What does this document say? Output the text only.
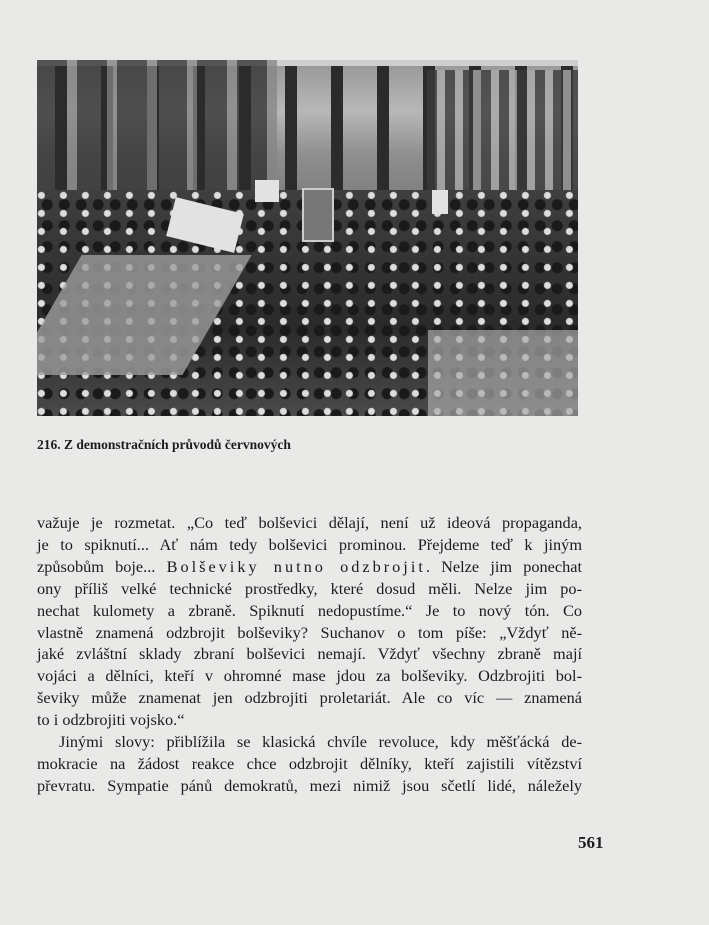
216. Z demonstračních průvodů červnových
važuje je rozmetat. „Co teď bolševici dělají, není už ideová propaganda,
je to spiknutí... Ať nám tedy bolševici prominou. Přejdeme teď k jiným
způsobům boje... Bolševiky nutno odzbrojit. Nelze jim ponechat
ony příliš velké technické prostředky, které dosud měli. Nelze jim po-
nechat kulomety a zbraně. Spiknutí nedopustíme.“ Je to nový tón. Co
vlastně znamená odzbrojit bolševiky? Suchanov o tom píše: „Vždyť ně-
jaké zvláštní sklady zbraní bolševici nemají. Vždyť všechny zbraně mají
vojáci a dělníci, kteří v ohromné mase jdou za bolševiky. Odzbrojiti bol-
ševiky může znamenat jen odzbrojiti proletariát. Ale co víc — znamená
to i odzbrojiti vojsko.“
Jinými slovy: přiblížila se klasická chvíle revoluce, kdy měšťácká de-
mokracie na žádost reakce chce odzbrojit dělníky, kteří zajistili vítězství
převratu. Sympatie pánů demokratů, mezi nimiž jsou sčetlí lidé, náležely
561
